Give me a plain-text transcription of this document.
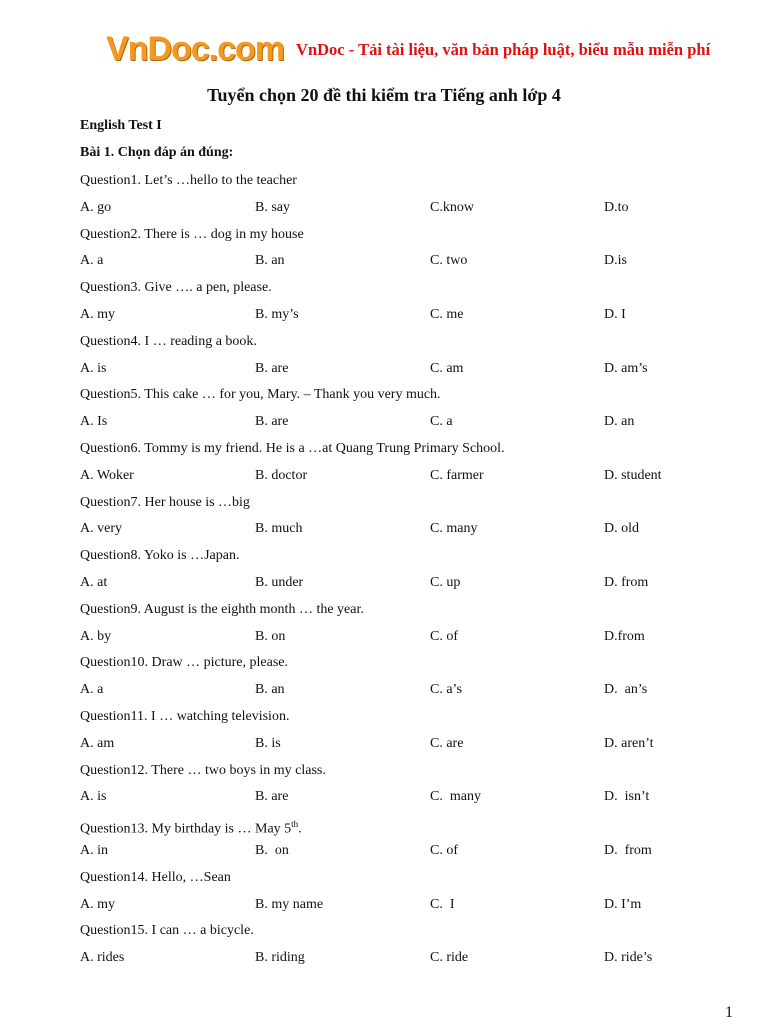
VnDoc.com VnDoc - Tải tài liệu, văn bản pháp luật, biểu mẫu miễn phí
Tuyển chọn 20 đề thi kiểm tra Tiếng anh lớp 4
English Test I
Bài 1. Chọn đáp án đúng:
Question1. Let’s …hello to the teacher
A. go	B. say	C.know	D.to
Question2. There is … dog in my house
A. a	B. an	C. two	D.is
Question3. Give …. a pen, please.
A. my	B. my’s	C. me	D. I
Question4. I … reading a book.
A. is	B. are	C. am	D. am’s
Question5. This cake … for you, Mary. – Thank you very much.
A. Is	B. are	C. a	D. an
Question6. Tommy is my friend. He is a …at Quang Trung Primary School.
A. Woker	B. doctor	C. farmer	D. student
Question7. Her house is …big
A. very	B. much	C. many	D. old
Question8. Yoko is …Japan.
A. at	B. under	C. up	D. from
Question9. August is the eighth month … the year.
A. by	B. on	C. of	D.from
Question10. Draw … picture, please.
A. a	B. an	C. a’s	D.  an’s
Question11. I … watching television.
A. am	B. is	C. are	D. aren’t
Question12. There … two boys in my class.
A. is	B. are	C.  many	D.  isn’t
Question13. My birthday is … May 5th.
A. in	B.  on	C. of	D.  from
Question14. Hello, …Sean
A. my	B. my name	C.  I	D. I’m
Question15. I can … a bicycle.
A. rides	B. riding	C. ride	D. ride’s
1
